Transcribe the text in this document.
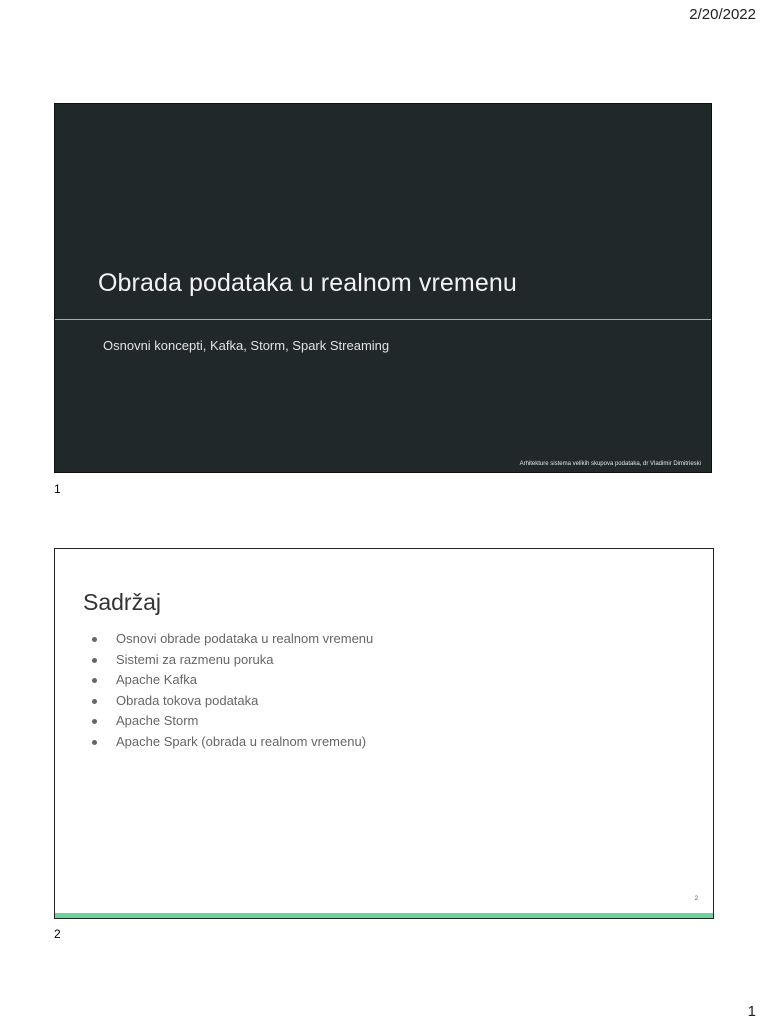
2/20/2022
Obrada podataka u realnom vremenu
Osnovni koncepti, Kafka, Storm, Spark Streaming
Arhitekture sistema velikih skupova podataka, dr Vladimir Dimitrieski
1
Sadržaj
Osnovi obrade podataka u realnom vremenu
Sistemi za razmenu poruka
Apache Kafka
Obrada tokova podataka
Apache Storm
Apache Spark (obrada u realnom vremenu)
2
2
1
